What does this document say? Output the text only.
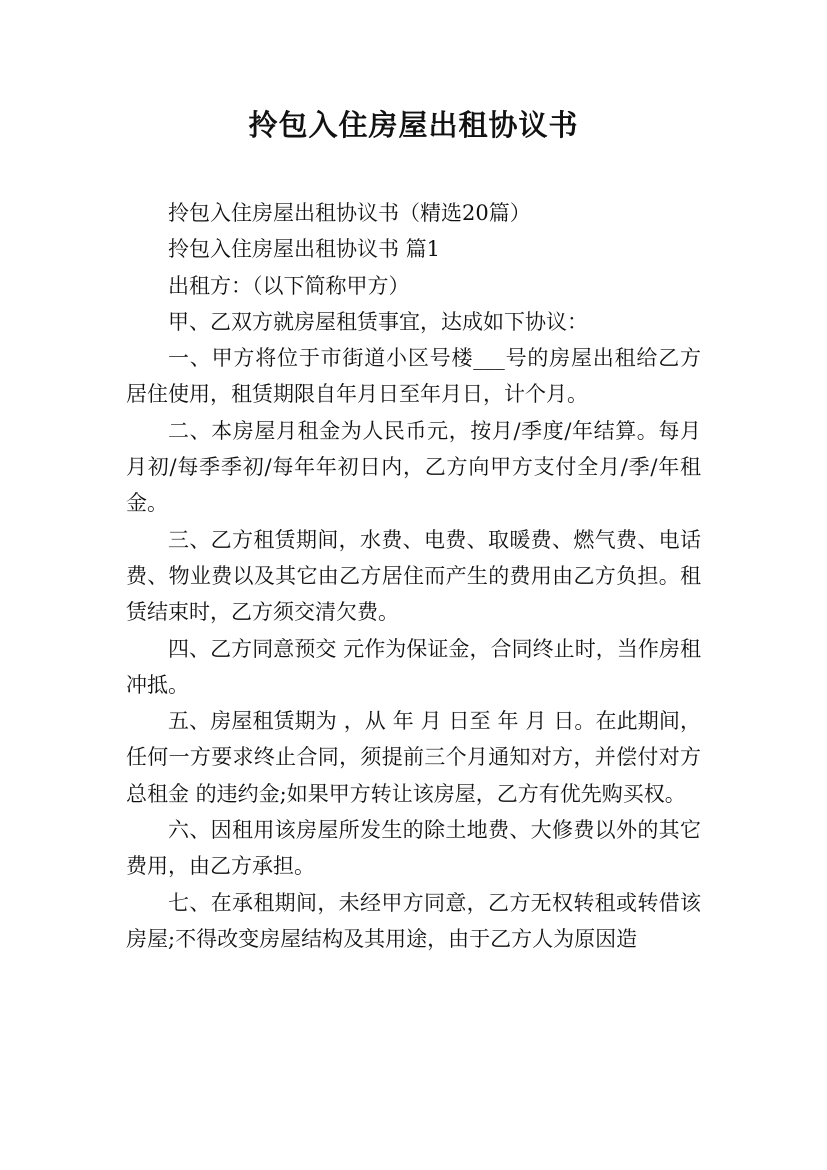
拎包入住房屋出租协议书

拎包入住房屋出租协议书（精选20篇）

拎包入住房屋出租协议书 篇1

出租方：（以下简称甲方）

甲、乙双方就房屋租赁事宜，达成如下协议：

一、甲方将位于市街道小区号楼___号的房屋出租给乙方居住使用，租赁期限自年月日至年月日，计个月。

二、本房屋月租金为人民币元，按月/季度/年结算。每月月初/每季季初/每年年初日内，乙方向甲方支付全月/季/年租金。

三、乙方租赁期间，水费、电费、取暖费、燃气费、电话费、物业费以及其它由乙方居住而产生的费用由乙方负担。租赁结束时，乙方须交清欠费。

四、乙方同意预交 元作为保证金，合同终止时，当作房租冲抵。

五、房屋租赁期为 ，从 年 月 日至 年 月 日。在此期间，任何一方要求终止合同，须提前三个月通知对方，并偿付对方总租金 的违约金;如果甲方转让该房屋，乙方有优先购买权。

六、因租用该房屋所发生的除土地费、大修费以外的其它费用，由乙方承担。

七、在承租期间，未经甲方同意，乙方无权转租或转借该房屋;不得改变房屋结构及其用途，由于乙方人为原因造
